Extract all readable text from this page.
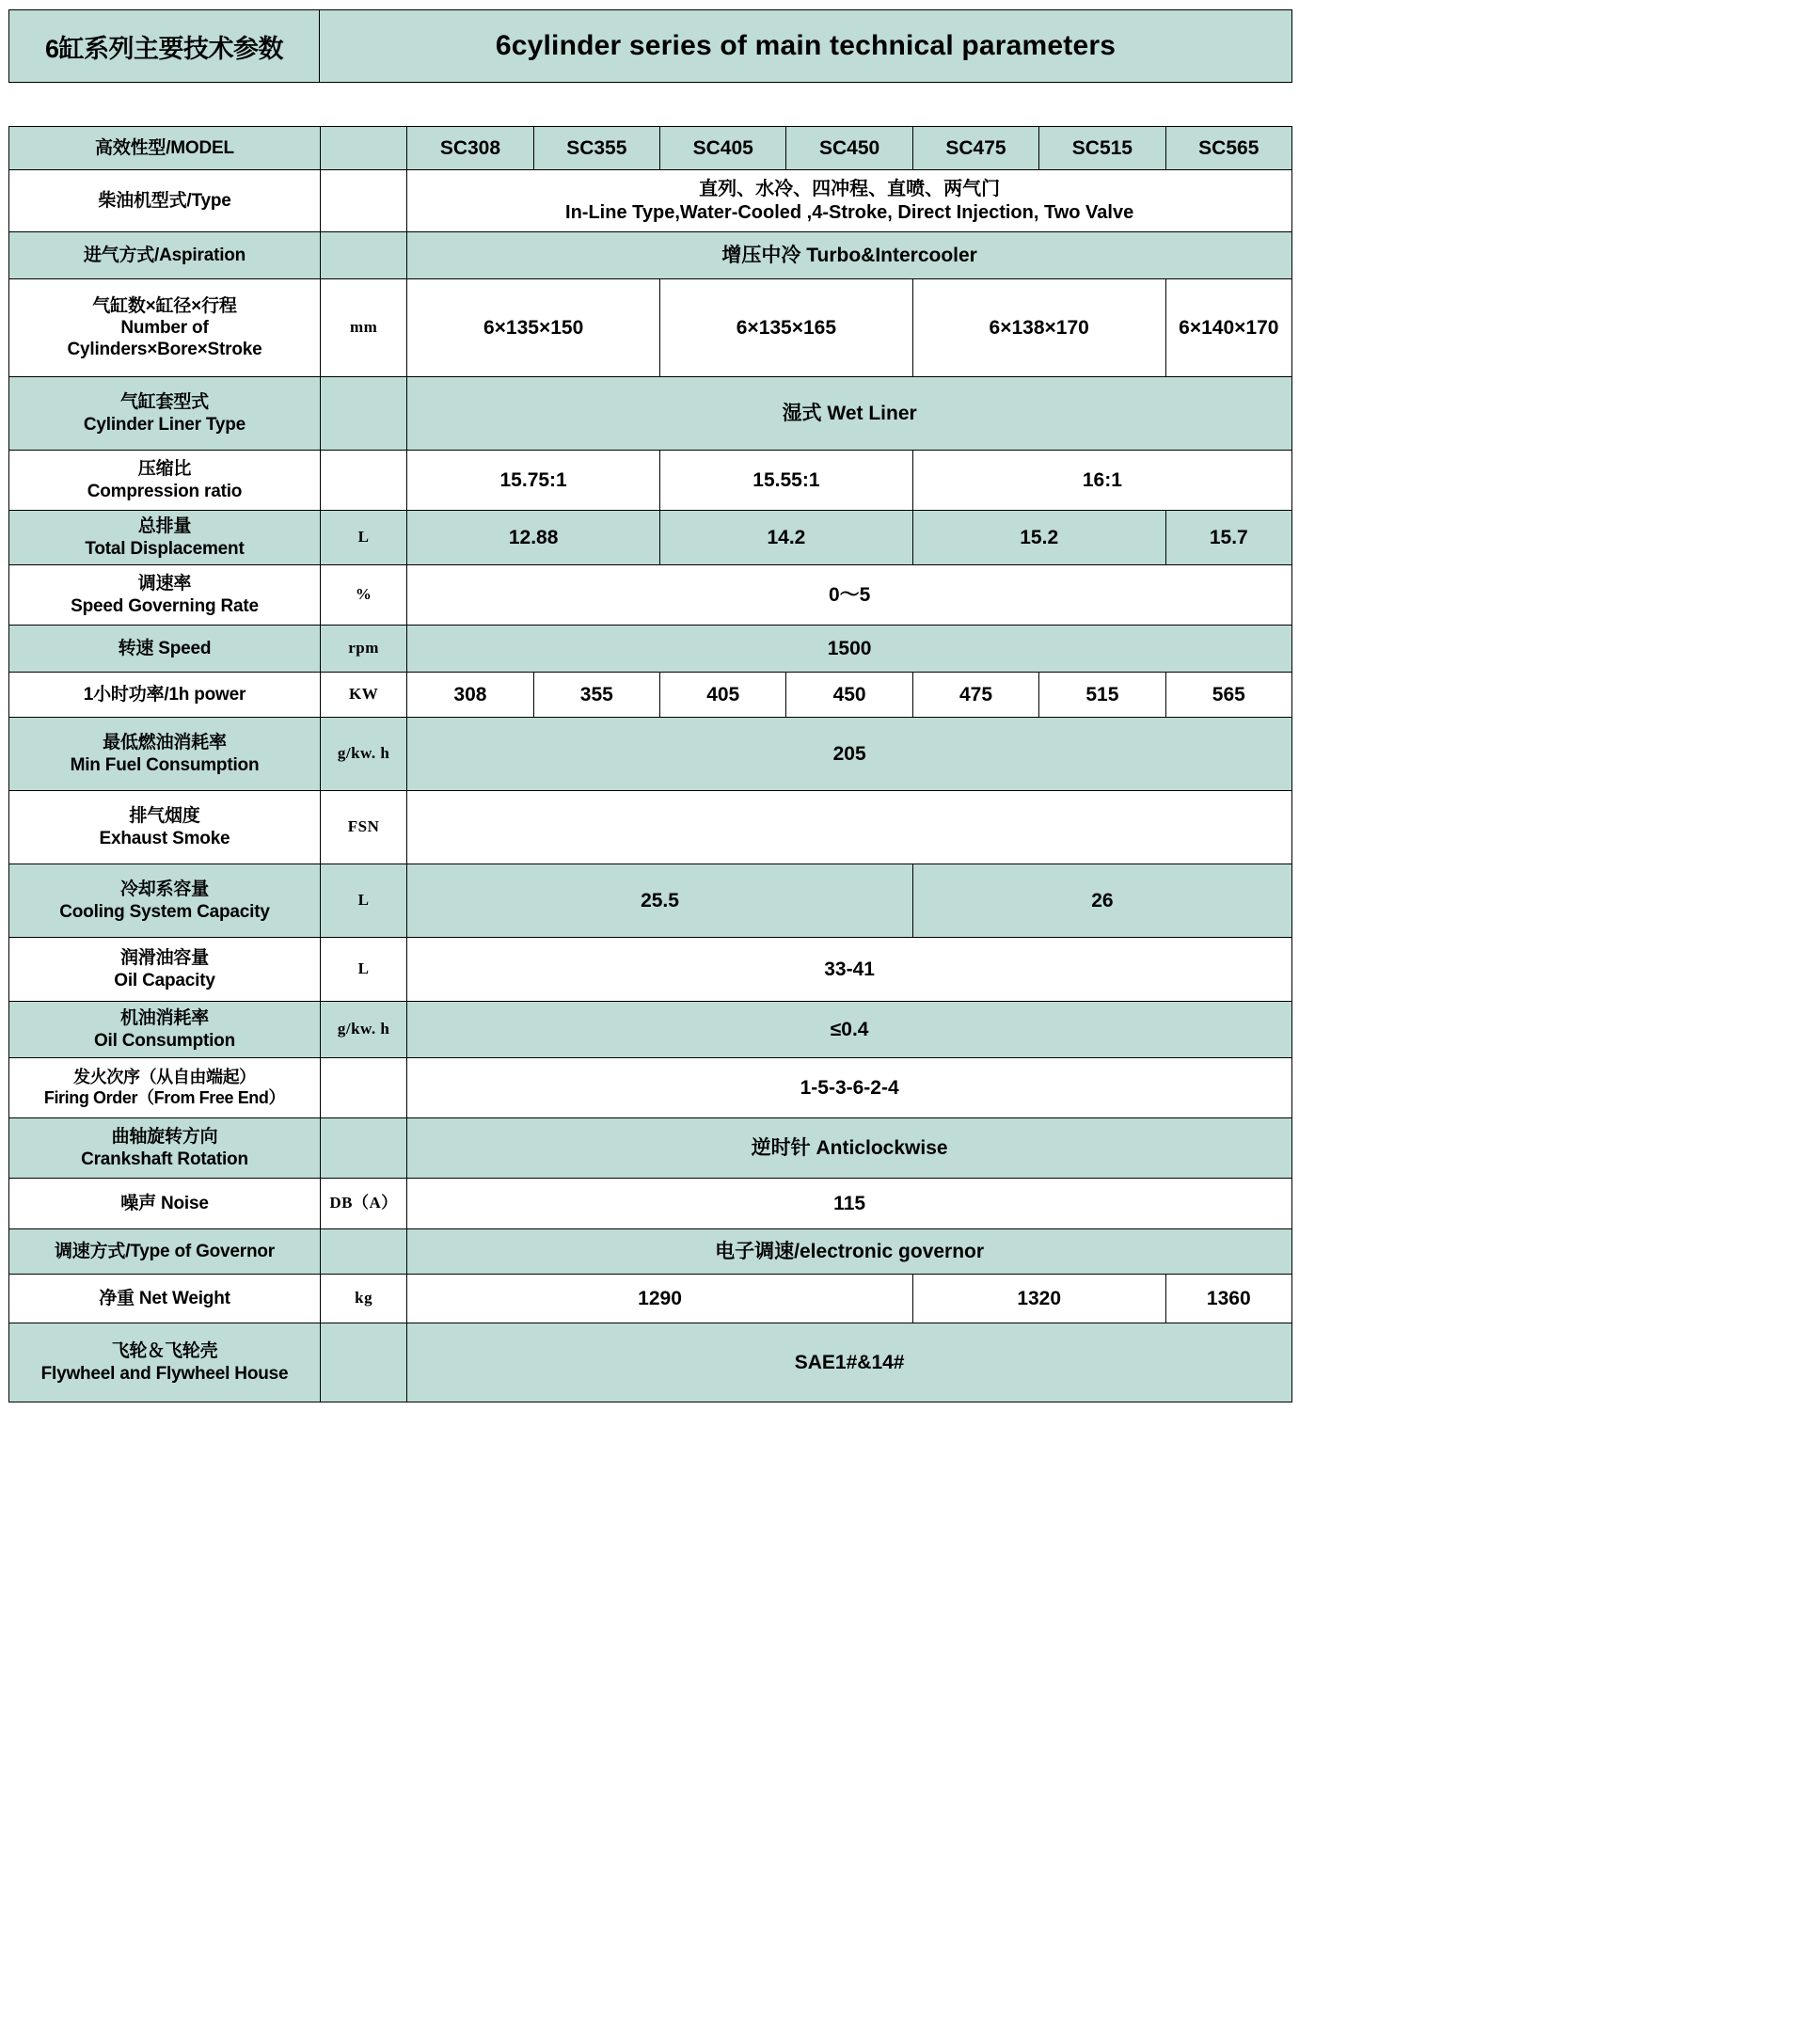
6缸系列主要技术参数	6cylinder series of main technical parameters
高效性型/MODEL		SC308	SC355	SC405	SC450	SC475	SC515	SC565
柴油机型式/Type		直列、水冷、四冲程、直喷、两气门
In-Line Type,Water-Cooled ,4-Stroke, Direct Injection, Two Valve						

进气方式/Aspiration		增压中冷 Turbo&Intercooler						

气缸数×缸径×行程
Number of
Cylinders×Bore×Stroke	mm	6×135×150		6×135×165		6×138×170		6×140×170

气缸套型式
Cylinder Liner Type		湿式 Wet Liner						

压缩比
Compression ratio		15.75:1		15.55:1		16:1		

总排量
Total Displacement	L	12.88		14.2		15.2		15.7

调速率
Speed Governing Rate	%	0～5						
转速 Speed	rpm	1500						
1小时功率/1h power	KW	308	355	405	450	475	515	565

最低燃油消耗率
Min Fuel Consumption	g/kw. h	205						

排气烟度
Exhaust Smoke	FSN							

冷却系容量
Cooling System Capacity	L	25.5				26		

润滑油容量
Oil Capacity	L	33-41						

机油消耗率
Oil Consumption	g/kw. h	≤0.4						

发火次序（从自由端起）
Firing Order（From Free End）		1-5-3-6-2-4						

曲轴旋转方向
Crankshaft Rotation		逆时针 Anticlockwise						
噪声 Noise	DB（A）	115						
调速方式/Type of Governor		电子调速/electronic governor						
净重 Net Weight	kg	1290				1320		1360

飞轮＆飞轮壳
Flywheel and Flywheel House		SAE1#&14#						
